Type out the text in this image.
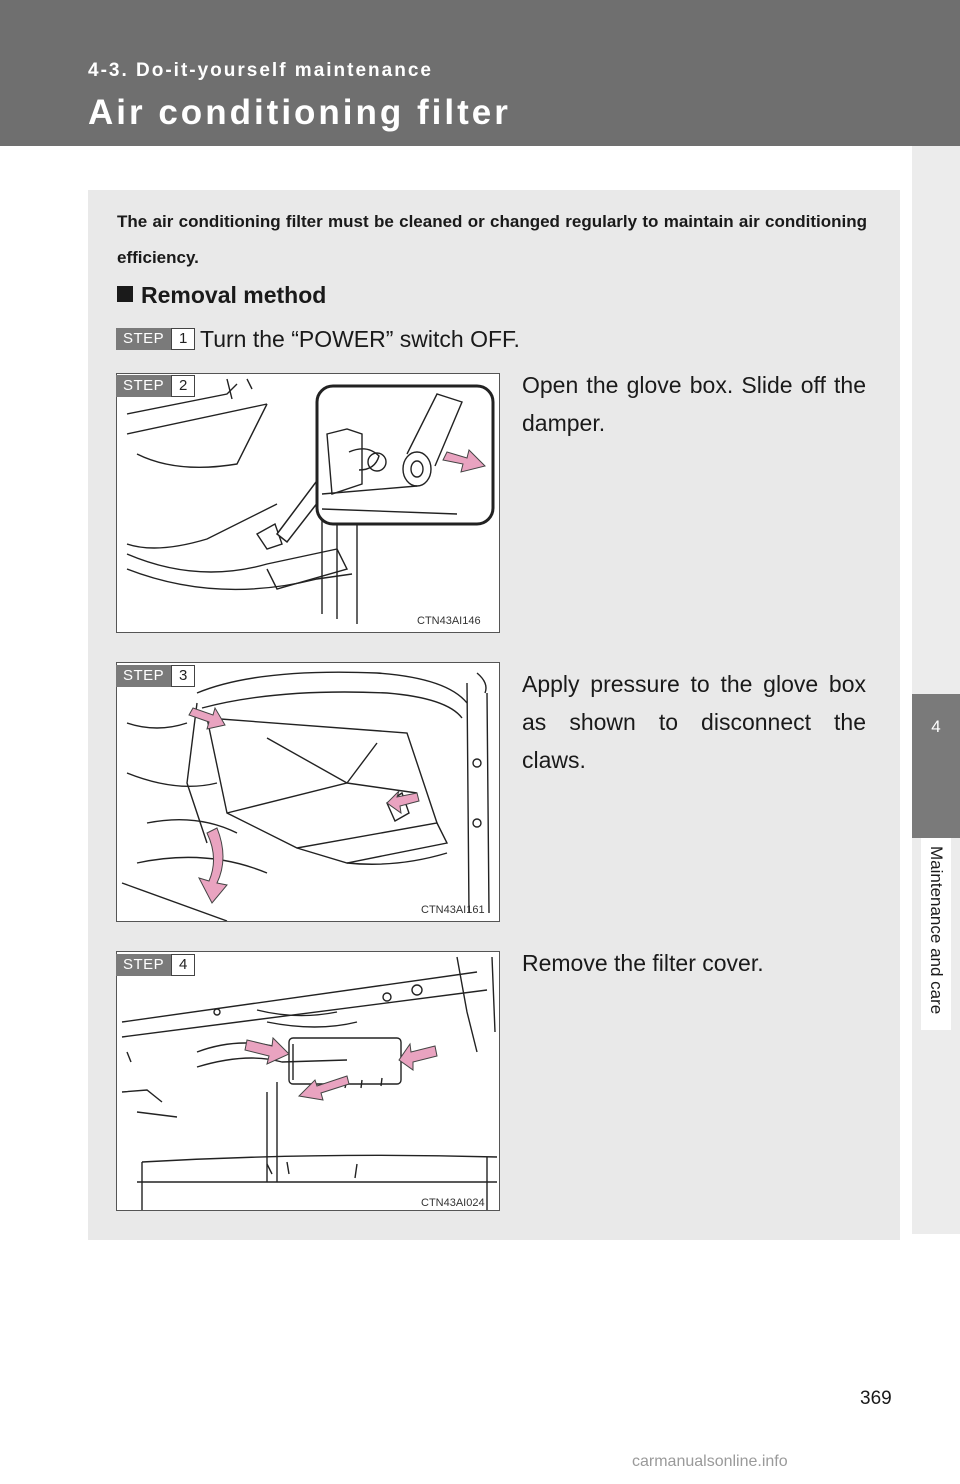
4-3. Do-it-yourself maintenance
Air conditioning filter
4
Maintenance and care

The air conditioning filter must be cleaned or changed regularly to maintain air conditioning efficiency.

Removal method
STEP 1 Turn the “POWER” switch OFF.
CTN43AI146
STEP 2	Open the glove box. Slide off the damper.
CTN43AI161
STEP 3	Apply pressure to the glove box as shown to disconnect the claws.
CTN43AI024
STEP 4	Remove the filter cover.
369
carmanualsonline.info
